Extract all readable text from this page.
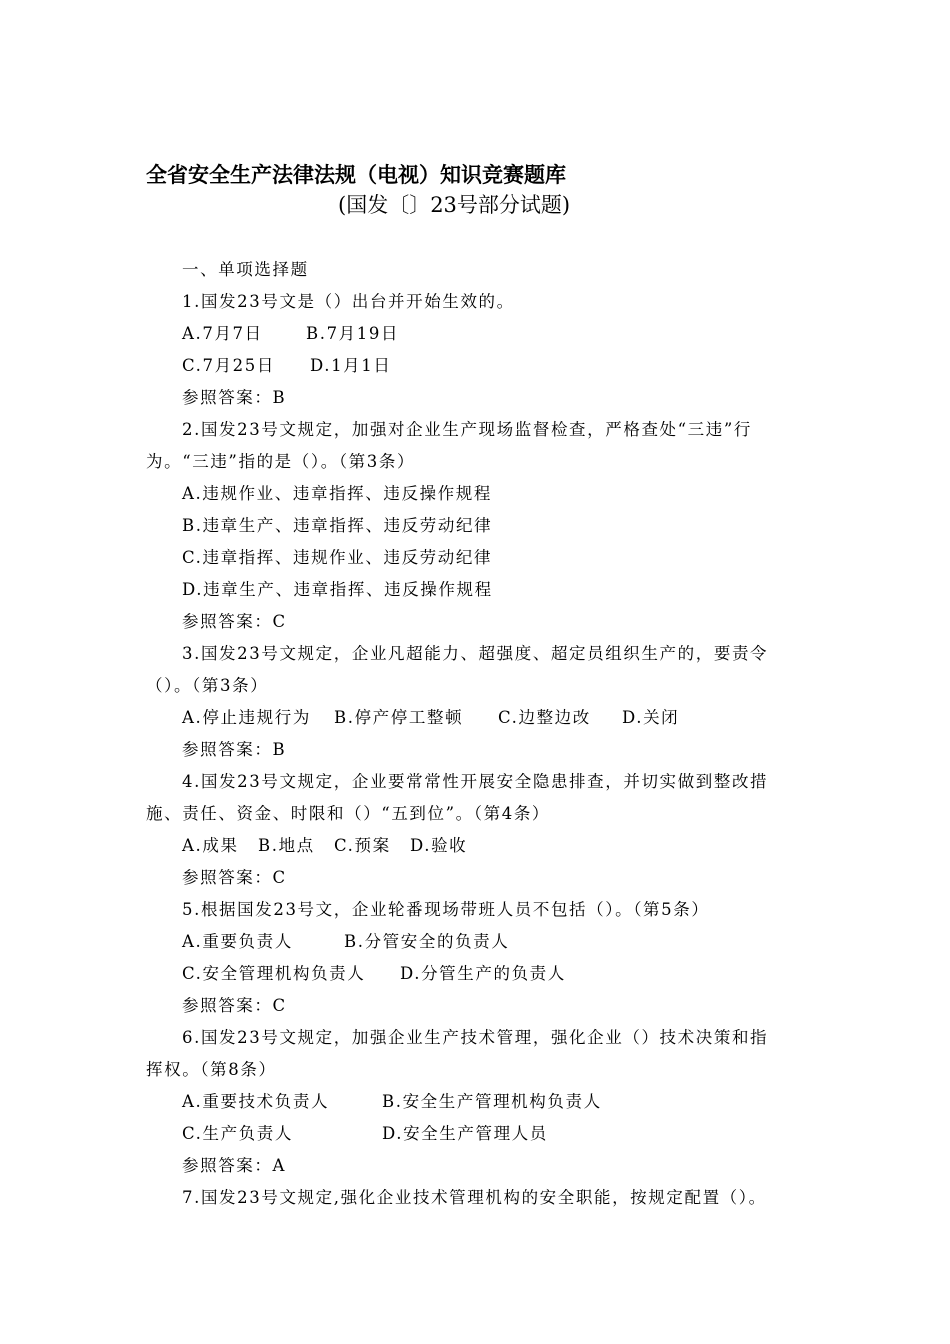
全省安全生产法律法规（电视）知识竞赛题库
(国发〔〕23号部分试题)
一、单项选择题
1.国发23号文是（）出台并开始生效的。
A.7月7日	B.7月19日
C.7月25日 D.1月1日
参照答案：B
2.国发23号文规定，加强对企业生产现场监督检查，严格查处“三违”行
为。“三违”指的是（）。（第3条）
A.违规作业、违章指挥、违反操作规程
B.违章生产、违章指挥、违反劳动纪律
C.违章指挥、违规作业、违反劳动纪律
D.违章生产、违章指挥、违反操作规程
参照答案：C
3.国发23号文规定，企业凡超能力、超强度、超定员组织生产的，要责令
（）。（第3条）
A.停止违规行为 B.停产停工整顿 C.边整边改 D.关闭
参照答案：B
4.国发23号文规定，企业要常常性开展安全隐患排查，并切实做到整改措
施、责任、资金、时限和（）“五到位”。（第4条）
A.成果 B.地点 C.预案 D.验收
参照答案：C
5.根据国发23号文，企业轮番现场带班人员不包括（）。（第5条）
A.重要负责人	B.分管安全的负责人
C.安全管理机构负责人 D.分管生产的负责人
参照答案：C
6.国发23号文规定，加强企业生产技术管理，强化企业（）技术决策和指
挥权。（第8条）
A.重要技术负责人	B.安全生产管理机构负责人
C.生产负责人	D.安全生产管理人员
参照答案：A
7.国发23号文规定,强化企业技术管理机构的安全职能，按规定配置（）。
